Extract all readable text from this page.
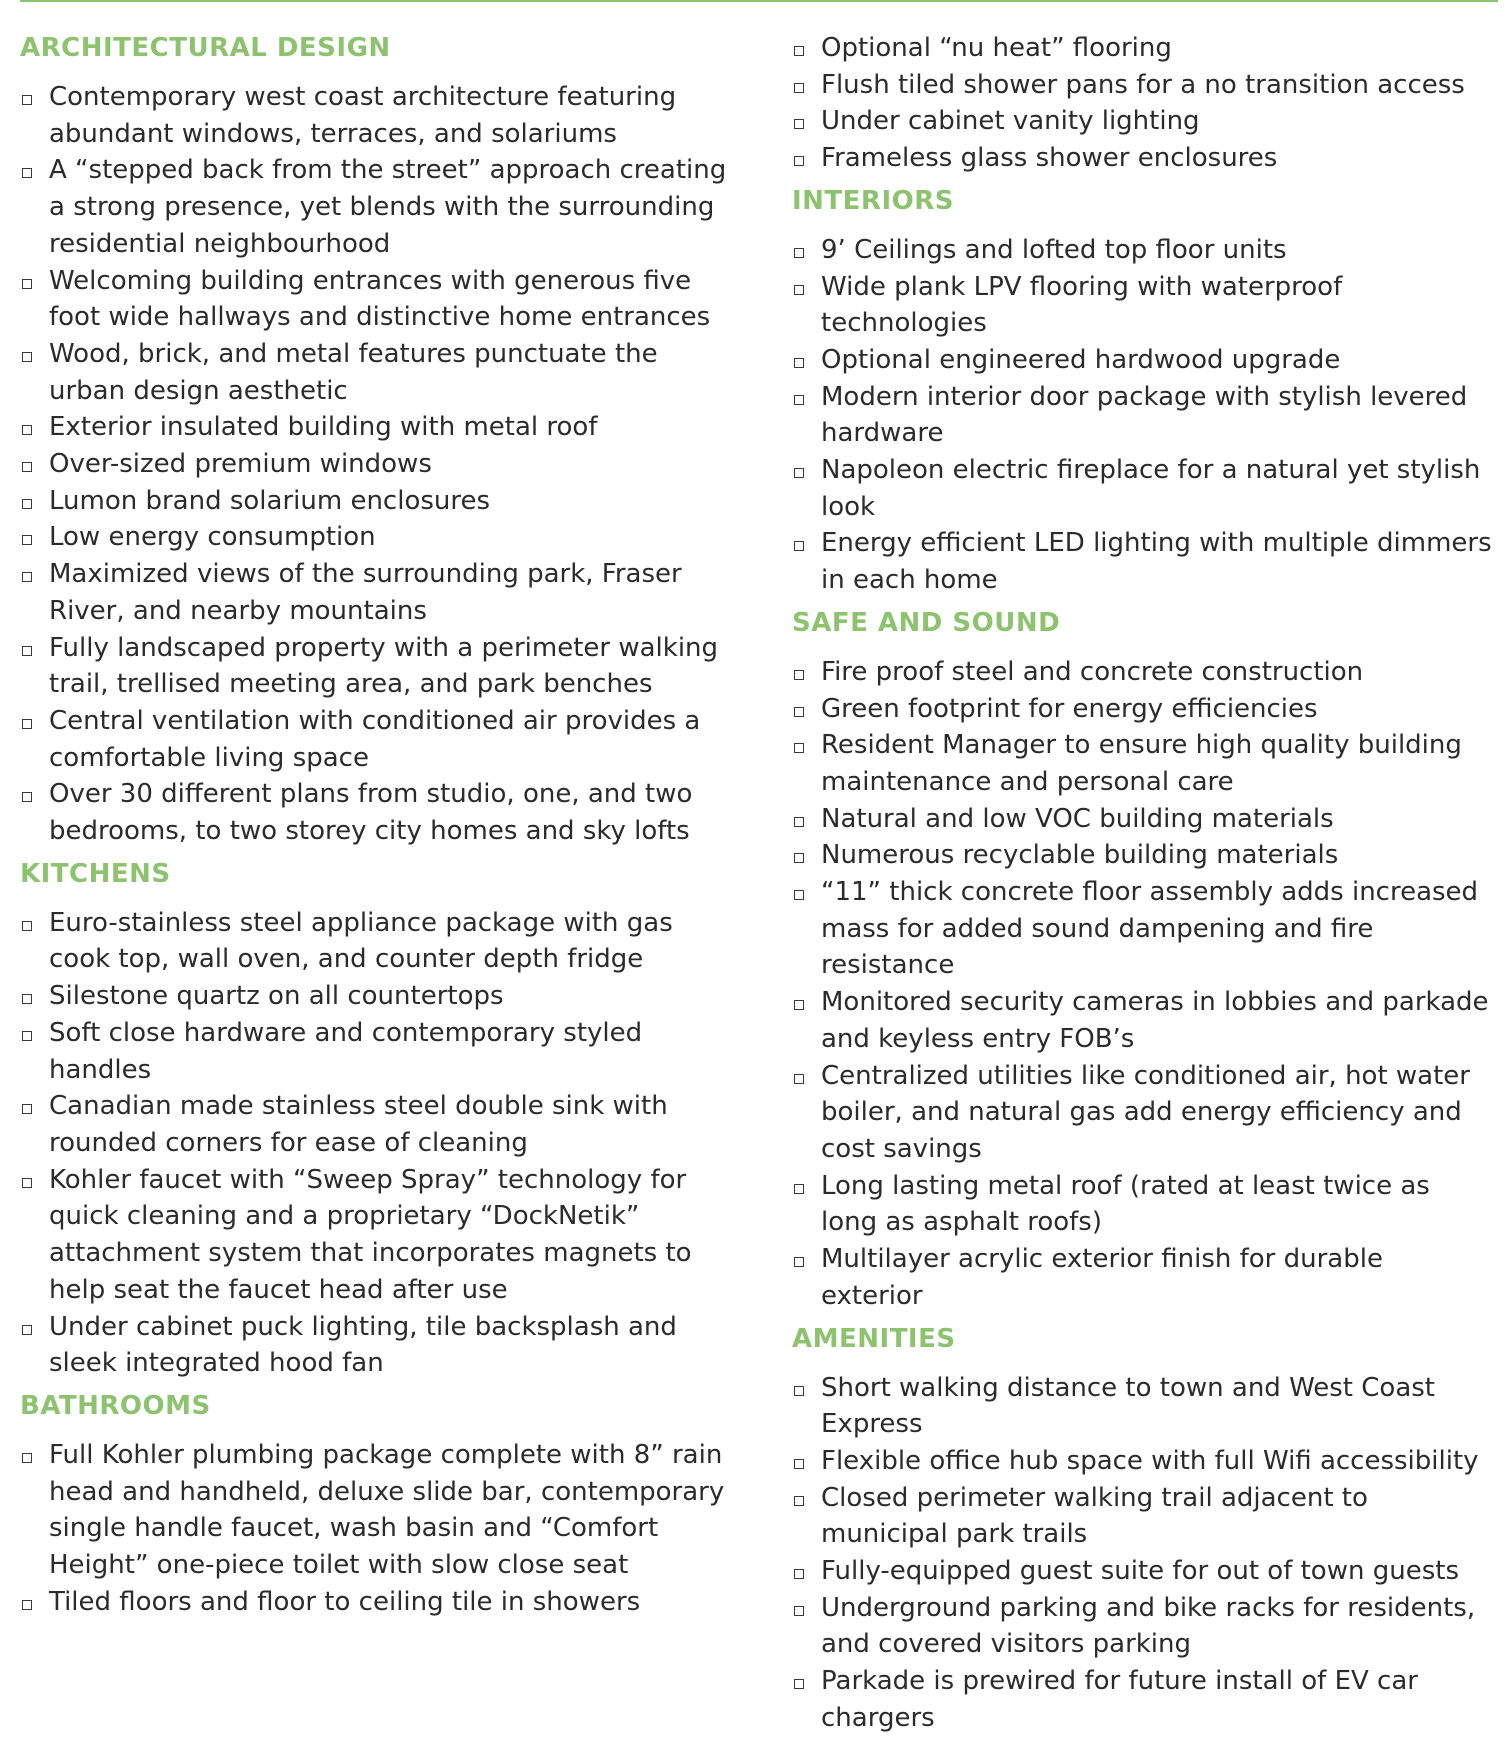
ARCHITECTURAL DESIGN
Contemporary west coast architecture featuring abundant windows, terraces, and solariums
A “stepped back from the street” approach creating a strong presence, yet blends with the surrounding residential neighbourhood
Welcoming building entrances with generous five foot wide hallways and distinctive home entrances
Wood, brick, and metal features punctuate the urban design aesthetic
Exterior insulated building with metal roof
Over-sized premium windows
Lumon brand solarium enclosures
Low energy consumption
Maximized views of the surrounding park, Fraser River, and nearby mountains
Fully landscaped property with a perimeter walking trail, trellised meeting area, and park benches
Central ventilation with conditioned air provides a comfortable living space
Over 30 different plans from studio, one, and two bedrooms, to two storey city homes and sky lofts
KITCHENS
Euro-stainless steel appliance package with gas cook top, wall oven, and counter depth fridge
Silestone quartz on all countertops
Soft close hardware and contemporary styled handles
Canadian made stainless steel double sink with rounded corners for ease of cleaning
Kohler faucet with “Sweep Spray” technology for quick cleaning and a proprietary “DockNetik” attachment system that incorporates magnets to help seat the faucet head after use
Under cabinet puck lighting, tile backsplash and sleek integrated hood fan
BATHROOMS
Full Kohler plumbing package complete with 8” rain head and handheld, deluxe slide bar, contemporary single handle faucet, wash basin and “Comfort Height” one-piece toilet with slow close seat
Tiled floors and floor to ceiling tile in showers
Optional “nu heat” flooring
Flush tiled shower pans for a no transition access
Under cabinet vanity lighting
Frameless glass shower enclosures
INTERIORS
9’ Ceilings and lofted top floor units
Wide plank LPV flooring with waterproof technologies
Optional engineered hardwood upgrade
Modern interior door package with stylish levered hardware
Napoleon electric fireplace for a natural yet stylish look
Energy efficient LED lighting with multiple dimmers in each home
SAFE AND SOUND
Fire proof steel and concrete construction
Green footprint for energy efficiencies
Resident Manager to ensure high quality building maintenance and personal care
Natural and low VOC building materials
Numerous recyclable building materials
“11” thick concrete floor assembly adds increased mass for added sound dampening and fire resistance
Monitored security cameras in lobbies and parkade and keyless entry FOB’s
Centralized utilities like conditioned air, hot water boiler, and natural gas add energy efficiency and cost savings
Long lasting metal roof (rated at least twice as long as asphalt roofs)
Multilayer acrylic exterior finish for durable exterior
AMENITIES
Short walking distance to town and West Coast Express
Flexible office hub space with full Wifi accessibility
Closed perimeter walking trail adjacent to municipal park trails
Fully-equipped guest suite for out of town guests
Underground parking and bike racks for residents, and covered visitors parking
Parkade is prewired for future install of EV car chargers
